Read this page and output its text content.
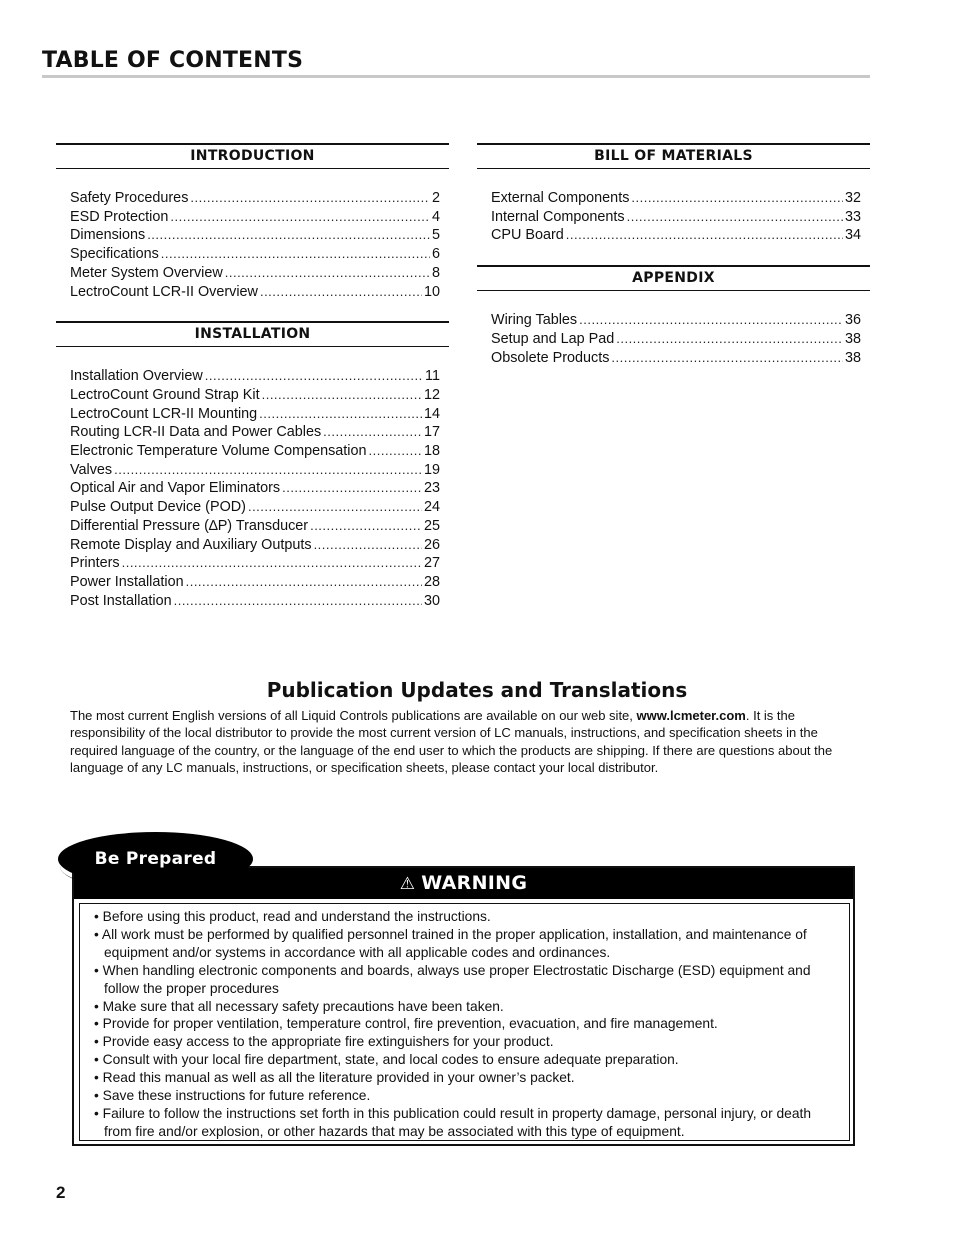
TABLE OF CONTENTS
INTRODUCTION
Safety Procedures .....	2
ESD Protection .....	4
Dimensions .....	5
Specifications .....	6
Meter System Overview .....	8
LectroCount LCR-II Overview .....	10
INSTALLATION
Installation Overview .....	11
LectroCount Ground Strap Kit .....	12
LectroCount LCR-II Mounting .....	14
Routing LCR-II Data and Power Cables .....	17
Electronic Temperature Volume Compensation .....	18
Valves .....	19
Optical Air and Vapor Eliminators .....	23
Pulse Output Device (POD) .....	24
Differential Pressure (∆P) Transducer .....	25
Remote Display and Auxiliary Outputs .....	26
Printers .....	27
Power Installation .....	28
Post Installation .....	30
BILL OF MATERIALS
External Components .....	32
Internal Components .....	33
CPU Board .....	34
APPENDIX
Wiring Tables .....	36
Setup and Lap Pad .....	38
Obsolete Products .....	38
Publication Updates and Translations
The most current English versions of all Liquid Controls publications are available on our web site, www.lcmeter.com. It is the responsibility of the local distributor to provide the most current version of LC manuals, instructions, and specification sheets in the required language of the country, or the language of the end user to which the products are shipping. If there are questions about the language of any LC manuals, instructions, or specification sheets, please contact your local distributor.
⚠ WARNING
• Before using this product, read and understand the instructions.
• All work must be performed by qualified personnel trained in the proper application, installation, and maintenance of equipment and/or systems in accordance with all applicable codes and ordinances.
• When handling electronic components and boards, always use proper Electrostatic Discharge (ESD) equipment and follow the proper procedures
• Make sure that all necessary safety precautions have been taken.
• Provide for proper ventilation, temperature control, fire prevention, evacuation, and fire management.
• Provide easy access to the appropriate fire extinguishers for your product.
• Consult with your local fire department, state, and local codes to ensure adequate preparation.
• Read this manual as well as all the literature provided in your owner’s packet.
• Save these instructions for future reference.
• Failure to follow the instructions set forth in this publication could result in property damage, personal injury, or death from fire and/or explosion, or other hazards that may be associated with this type of equipment.
Be Prepared
2
